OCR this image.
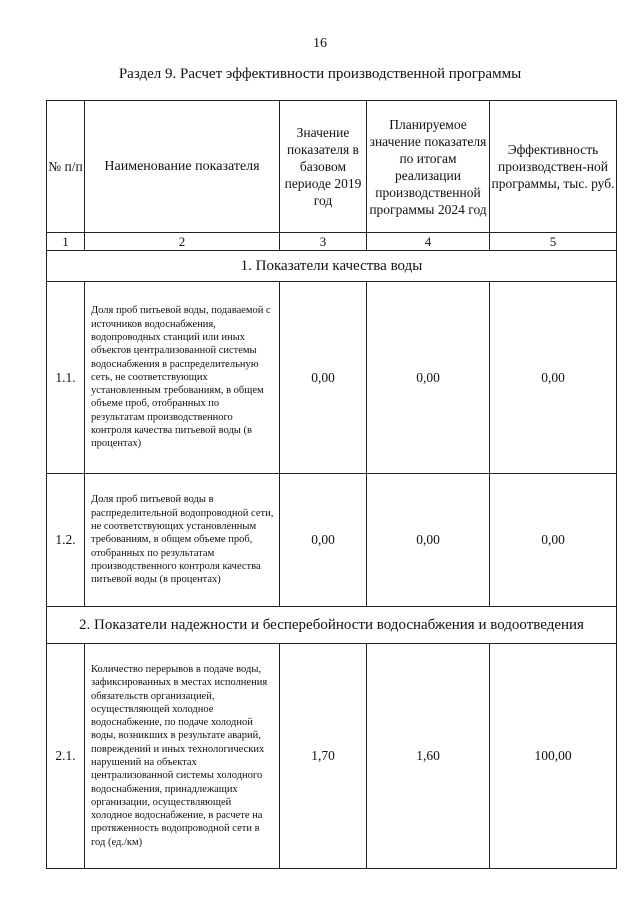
16
Раздел 9. Расчет эффективности производственной программы
№ п/п	Наименование показателя	Значение показателя в базовом периоде 2019 год	Планируемое значение показателя по итогам реализации производственной программы 2024 год	Эффективность производствен-ной программы, тыс. руб.
1	2	3	4	5
1. Показатели качества воды				
1.1.	Доля проб питьевой воды, подаваемой с источников водоснабжения, водопроводных станций или иных объектов централизованной системы водоснабжения в распределительную сеть, не соответствующих установленным требованиям, в общем объеме проб, отобранных по результатам производственного контроля качества питьевой воды (в процентах)	0,00	0,00	0,00
1.2.	Доля проб питьевой воды в распределительной водопроводной сети, не соответствующих установленным требованиям, в общем объеме проб, отобранных по результатам производственного контроля качества питьевой воды (в процентах)	0,00	0,00	0,00
2. Показатели надежности и бесперебойности водоснабжения и водоотведения				
2.1.	Количество перерывов в подаче воды, зафиксированных в местах исполнения обязательств организацией, осуществляющей холодное водоснабжение, по подаче холодной воды, возникших в результате аварий, повреждений и иных технологических нарушений на объектах централизованной системы холодного водоснабжения, принадлежащих организации, осуществляющей холодное водоснабжение, в расчете на протяженность водопроводной сети в год (ед./км)	1,70	1,60	100,00
